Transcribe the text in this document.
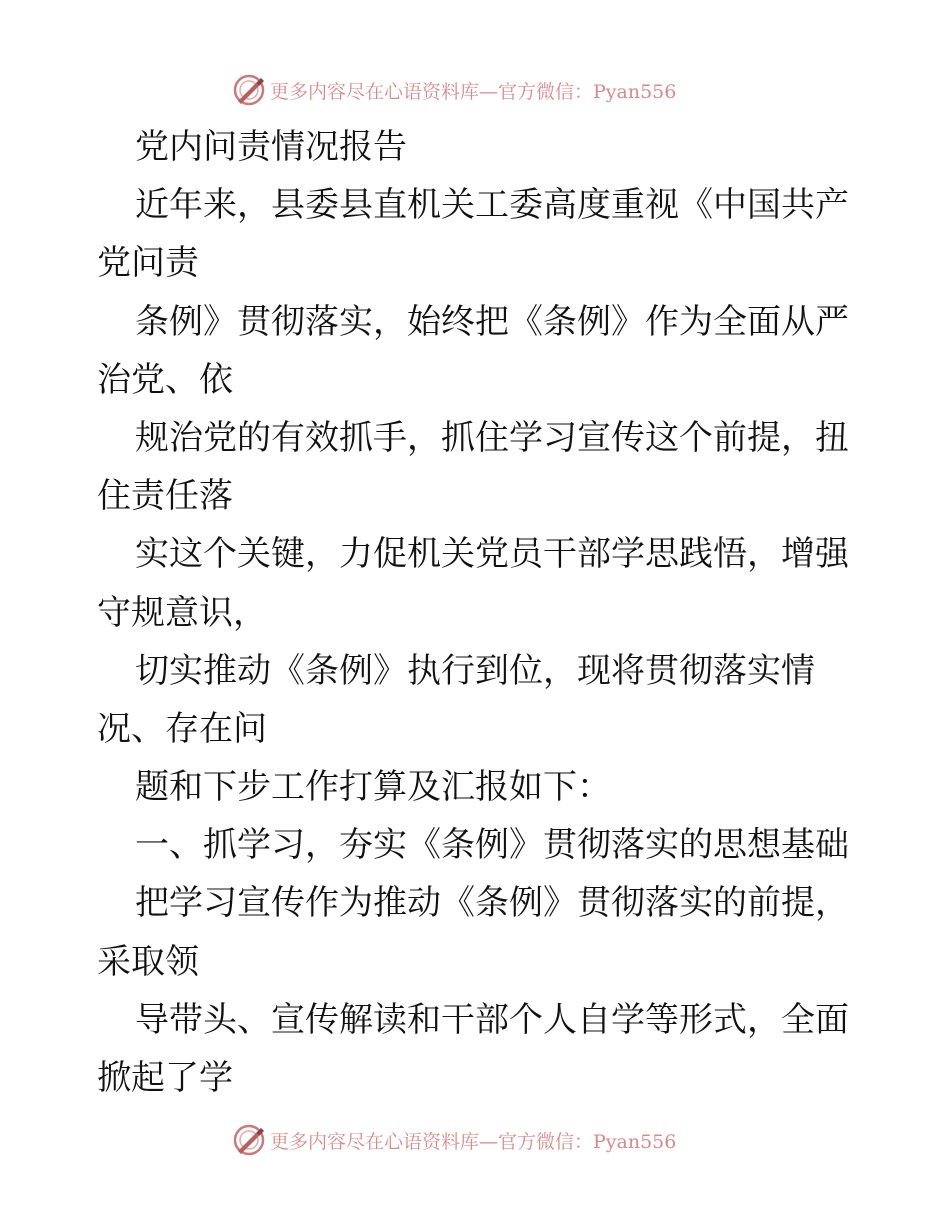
更多内容尽在心语资料库—官方微信：Pyan556
党内问责情况报告
近年来，县委县直机关工委高度重视《中国共产
党问责
条例》贯彻落实，始终把《条例》作为全面从严
治党、依
规治党的有效抓手，抓住学习宣传这个前提，扭
住责任落
实这个关键，力促机关党员干部学思践悟，增强
守规意识，
切实推动《条例》执行到位，现将贯彻落实情
况、存在问
题和下步工作打算及汇报如下：
一、抓学习，夯实《条例》贯彻落实的思想基础
把学习宣传作为推动《条例》贯彻落实的前提，
采取领
导带头、宣传解读和干部个人自学等形式，全面
掀起了学
更多内容尽在心语资料库—官方微信：Pyan556
